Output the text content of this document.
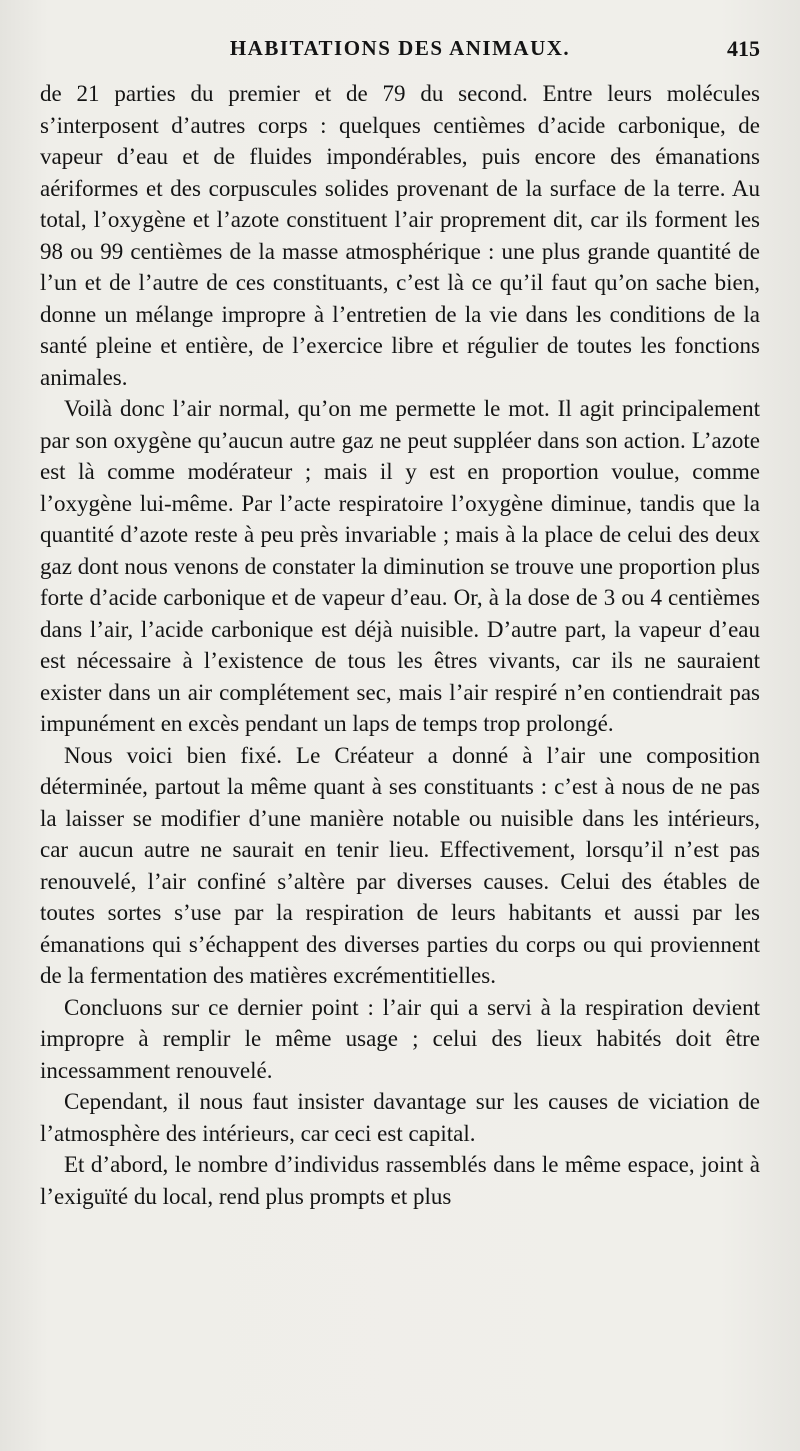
HABITATIONS DES ANIMAUX.	415

de 21 parties du premier et de 79 du second. Entre leurs molécules s’interposent d’autres corps : quelques centièmes d’acide carbonique, de vapeur d’eau et de fluides impondérables, puis encore des émanations aériformes et des corpuscules solides provenant de la surface de la terre. Au total, l’oxygène et l’azote constituent l’air proprement dit, car ils forment les 98 ou 99 centièmes de la masse atmosphérique : une plus grande quantité de l’un et de l’autre de ces constituants, c’est là ce qu’il faut qu’on sache bien, donne un mélange impropre à l’entretien de la vie dans les conditions de la santé pleine et entière, de l’exercice libre et régulier de toutes les fonctions animales.

Voilà donc l’air normal, qu’on me permette le mot. Il agit principalement par son oxygène qu’aucun autre gaz ne peut suppléer dans son action. L’azote est là comme modérateur ; mais il y est en proportion voulue, comme l’oxygène lui-même. Par l’acte respiratoire l’oxygène diminue, tandis que la quantité d’azote reste à peu près invariable ; mais à la place de celui des deux gaz dont nous venons de constater la diminution se trouve une proportion plus forte d’acide carbonique et de vapeur d’eau. Or, à la dose de 3 ou 4 centièmes dans l’air, l’acide carbonique est déjà nuisible. D’autre part, la vapeur d’eau est nécessaire à l’existence de tous les êtres vivants, car ils ne sauraient exister dans un air complétement sec, mais l’air respiré n’en contiendrait pas impunément en excès pendant un laps de temps trop prolongé.

Nous voici bien fixé. Le Créateur a donné à l’air une composition déterminée, partout la même quant à ses constituants : c’est à nous de ne pas la laisser se modifier d’une manière notable ou nuisible dans les intérieurs, car aucun autre ne saurait en tenir lieu. Effectivement, lorsqu’il n’est pas renouvelé, l’air confiné s’altère par diverses causes. Celui des étables de toutes sortes s’use par la respiration de leurs habitants et aussi par les émanations qui s’échappent des diverses parties du corps ou qui proviennent de la fermentation des matières excrémentitielles.

Concluons sur ce dernier point : l’air qui a servi à la respiration devient impropre à remplir le même usage ; celui des lieux habités doit être incessamment renouvelé.

Cependant, il nous faut insister davantage sur les causes de viciation de l’atmosphère des intérieurs, car ceci est capital.

Et d’abord, le nombre d’individus rassemblés dans le même espace, joint à l’exiguïté du local, rend plus prompts et plus
